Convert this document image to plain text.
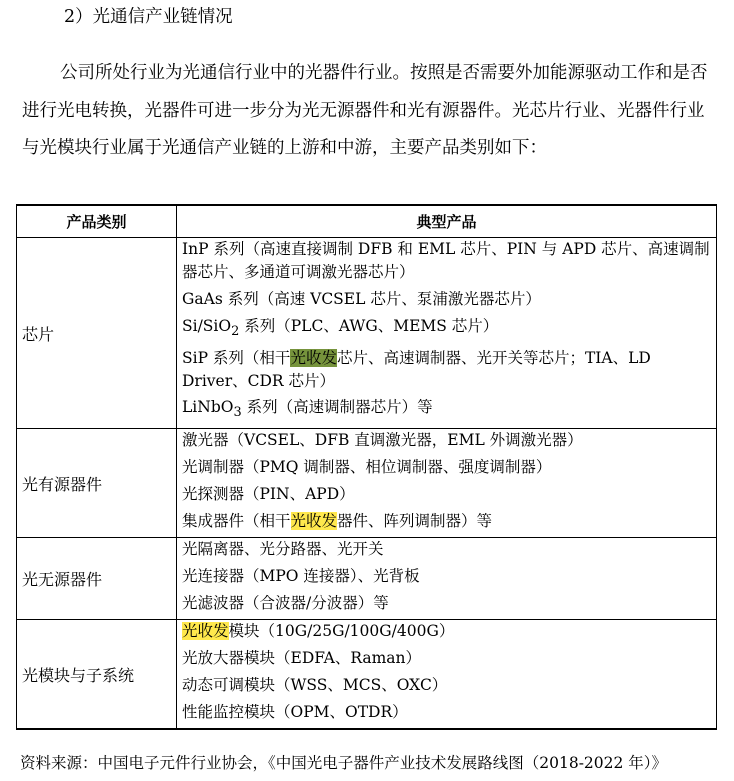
2）光通信产业链情况

公司所处行业为光通信行业中的光器件行业。按照是否需要外加能源驱动工作和是否进行光电转换，光器件可进一步分为光无源器件和光有源器件。光芯片行业、光器件行业与光模块行业属于光通信产业链的上游和中游，主要产品类别如下：

产品类别	典型产品
芯片	InP 系列（高速直接调制 DFB 和 EML 芯片、PIN 与 APD 芯片、高速调制器芯片、多通道可调激光器芯片）
GaAs 系列（高速 VCSEL 芯片、泵浦激光器芯片）
Si/SiO$_2$ 系列（PLC、AWG、MEMS 芯片）
SiP 系列（相干光收发芯片、高速调制器、光开关等芯片；TIA、LD Driver、CDR 芯片）
LiNbO$_3$ 系列（高速调制器芯片）等

光有源器件	激光器（VCSEL、DFB 直调激光器，EML 外调激光器）
光调制器（PMQ 调制器、相位调制器、强度调制器）
光探测器（PIN、APD）
集成器件（相干光收发器件、阵列调制器）等

光无源器件	光隔离器、光分路器、光开关
光连接器（MPO 连接器）、光背板
光滤波器（合波器/分波器）等

光模块与子系统	光收发模块（10G/25G/100G/400G）
光放大器模块（EDFA、Raman）
动态可调模块（WSS、MCS、OXC）
性能监控模块（OPM、OTDR）
资料来源：中国电子元件行业协会，《中国光电子器件产业技术发展路线图（2018-2022 年）》
